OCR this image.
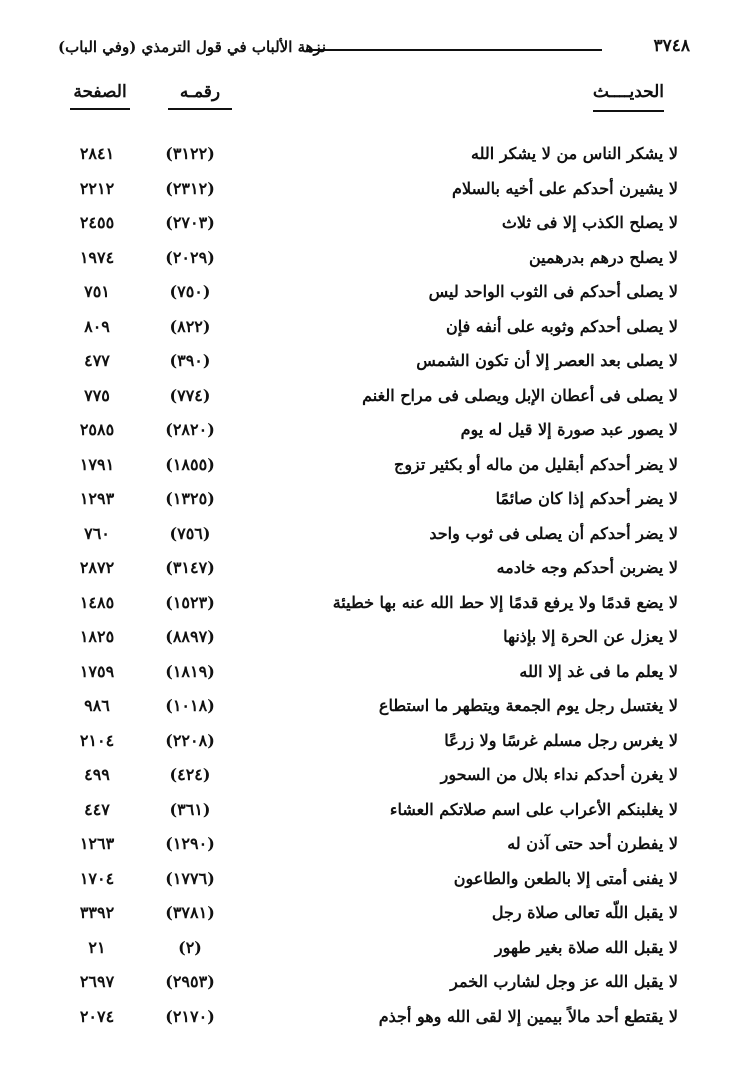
٣٧٤٨
نزهة الألباب في قول الترمذي (وفي الباب)
الحديــــث
رقمـه
الصفحة
لا يشكر الناس من لا يشكر الله
(٣١٢٢)
٢٨٤١
لا يشيرن أحدكم على أخيه بالسلام
(٢٣١٢)
٢٢١٢
لا يصلح الكذب إلا فى ثلاث
(٢٧٠٣)
٢٤٥٥
لا يصلح درهم بدرهمين
(٢٠٢٩)
١٩٧٤
لا يصلى أحدكم فى الثوب الواحد ليس
(٧٥٠)
٧٥١
لا يصلى أحدكم وثوبه على أنفه فإن
(٨٢٢)
٨٠٩
لا يصلى بعد العصر إلا أن تكون الشمس
(٣٩٠)
٤٧٧
لا يصلى فى أعطان الإبل ويصلى فى مراح الغنم
(٧٧٤)
٧٧٥
لا يصور عبد صورة إلا قيل له يوم
(٢٨٢٠)
٢٥٨٥
لا يضر أحدكم أبقليل من ماله أو بكثير تزوج
(١٨٥٥)
١٧٩١
لا يضر أحدكم إذا كان صائمًا
(١٣٢٥)
١٢٩٣
لا يضر أحدكم أن يصلى فى ثوب واحد
(٧٥٦)
٧٦٠
لا يضربن أحدكم وجه خادمه
(٣١٤٧)
٢٨٧٢
لا يضع قدمًا ولا يرفع قدمًا إلا حط الله عنه بها خطيئة
(١٥٢٣)
١٤٨٥
لا يعزل عن الحرة إلا بإذنها
(٨٨٩٧)
١٨٢٥
لا يعلم ما فى غد إلا الله
(١٨١٩)
١٧٥٩
لا يغتسل رجل يوم الجمعة ويتطهر ما استطاع
(١٠١٨)
٩٨٦
لا يغرس رجل مسلم غرسًا ولا زرعًا
(٢٢٠٨)
٢١٠٤
لا يغرن أحدكم نداء بلال من السحور
(٤٢٤)
٤٩٩
لا يغلبنكم الأعراب على اسم صلاتكم العشاء
(٣٦١)
٤٤٧
لا يفطرن أحد حتى آذن له
(١٢٩٠)
١٢٦٣
لا يفنى أمتى إلا بالطعن والطاعون
(١٧٧٦)
١٧٠٤
لا يقبل اللّه تعالى صلاة رجل
(٣٧٨١)
٣٣٩٢
لا يقبل الله صلاة بغير طهور
(٢)
٢١
لا يقبل الله عز وجل لشارب الخمر
(٢٩٥٣)
٢٦٩٧
لا يقتطع أحد مالاً بيمين إلا لقى الله وهو أجذم
(٢١٧٠)
٢٠٧٤
